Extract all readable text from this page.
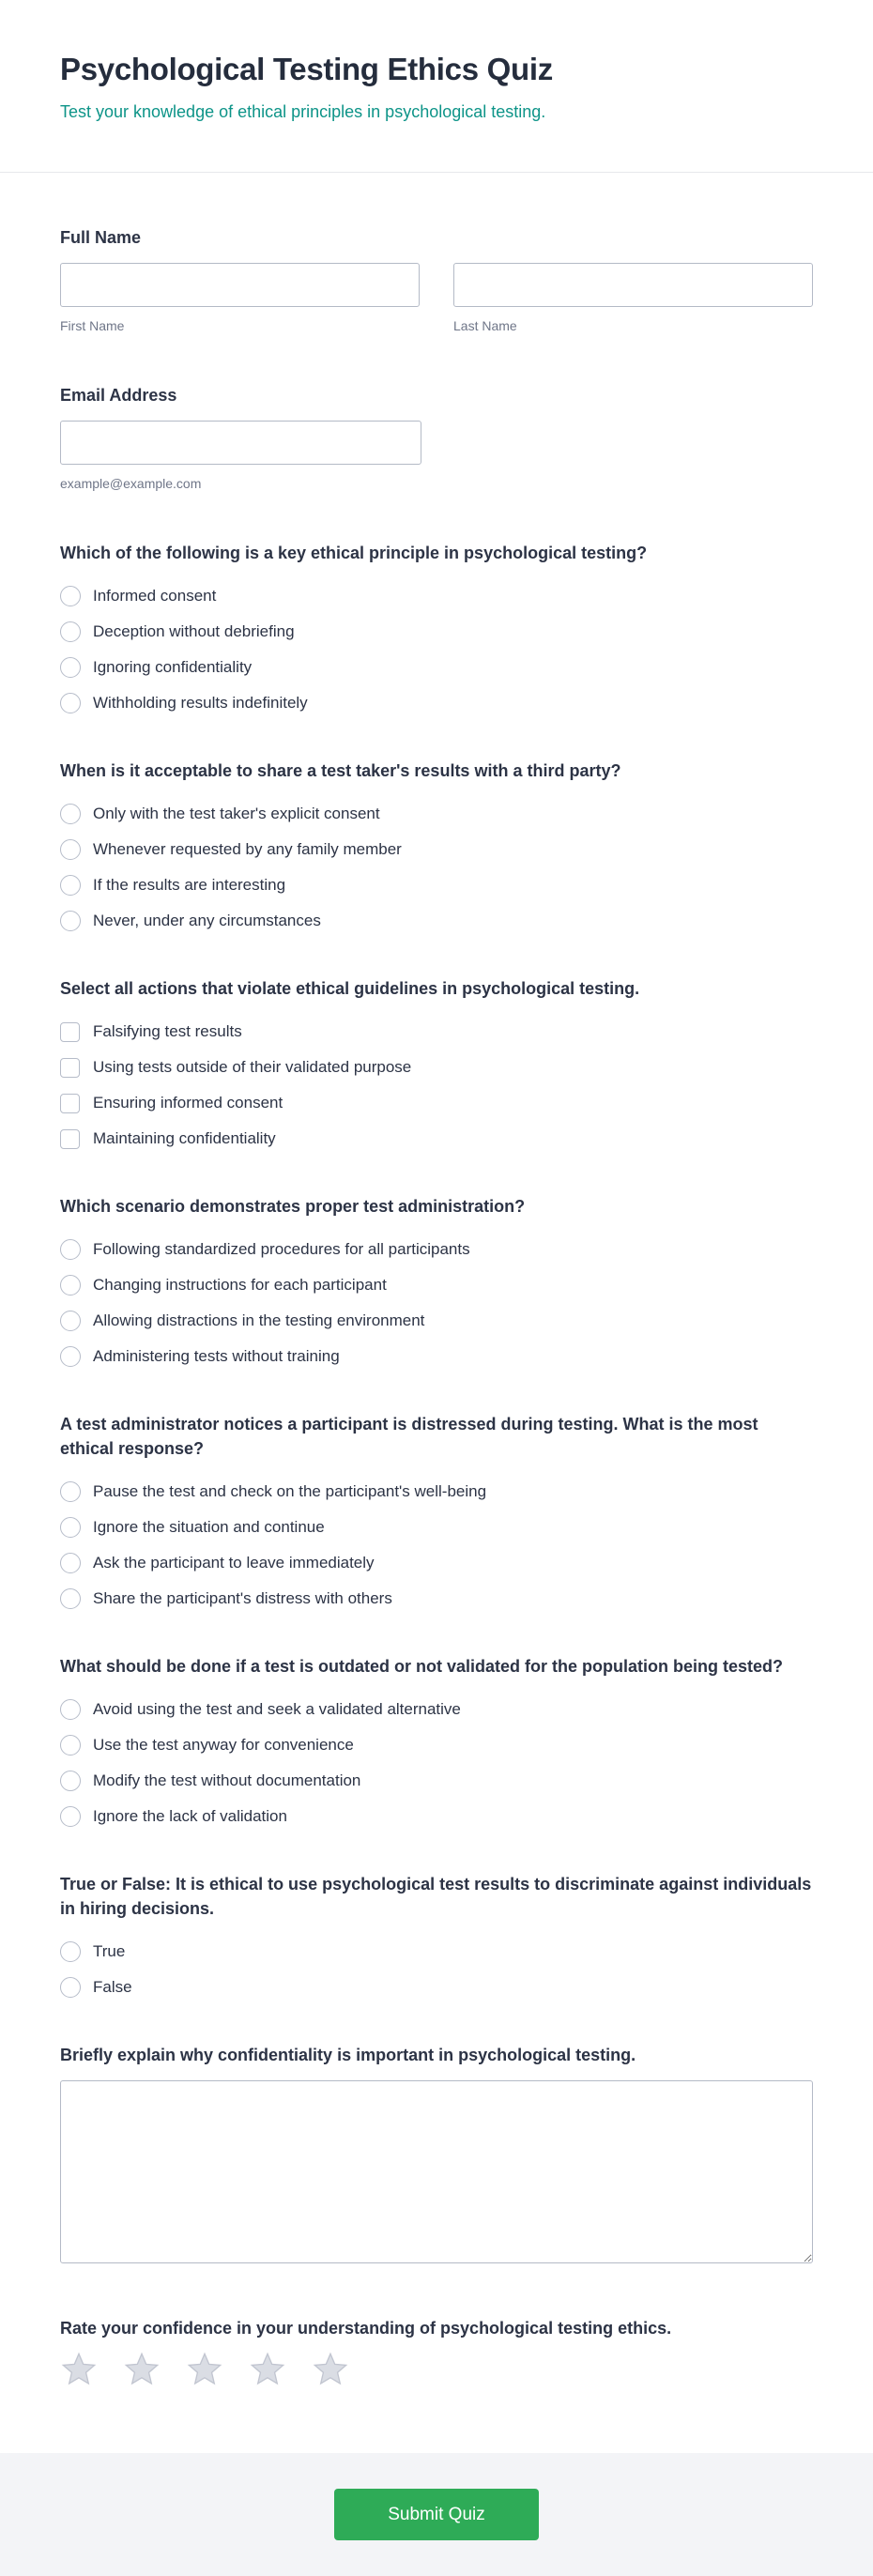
Psychological Testing Ethics Quiz
Test your knowledge of ethical principles in psychological testing.
Full Name
First Name	Last Name
Email Address
example@example.com
Which of the following is a key ethical principle in psychological testing?
Informed consent
Deception without debriefing
Ignoring confidentiality
Withholding results indefinitely
When is it acceptable to share a test taker's results with a third party?
Only with the test taker's explicit consent
Whenever requested by any family member
If the results are interesting
Never, under any circumstances
Select all actions that violate ethical guidelines in psychological testing.
Falsifying test results
Using tests outside of their validated purpose
Ensuring informed consent
Maintaining confidentiality
Which scenario demonstrates proper test administration?
Following standardized procedures for all participants
Changing instructions for each participant
Allowing distractions in the testing environment
Administering tests without training
A test administrator notices a participant is distressed during testing. What is the most ethical response?
Pause the test and check on the participant's well-being
Ignore the situation and continue
Ask the participant to leave immediately
Share the participant's distress with others
What should be done if a test is outdated or not validated for the population being tested?
Avoid using the test and seek a validated alternative
Use the test anyway for convenience
Modify the test without documentation
Ignore the lack of validation
True or False: It is ethical to use psychological test results to discriminate against individuals in hiring decisions.
True
False
Briefly explain why confidentiality is important in psychological testing.
Rate your confidence in your understanding of psychological testing ethics.
Submit Quiz
